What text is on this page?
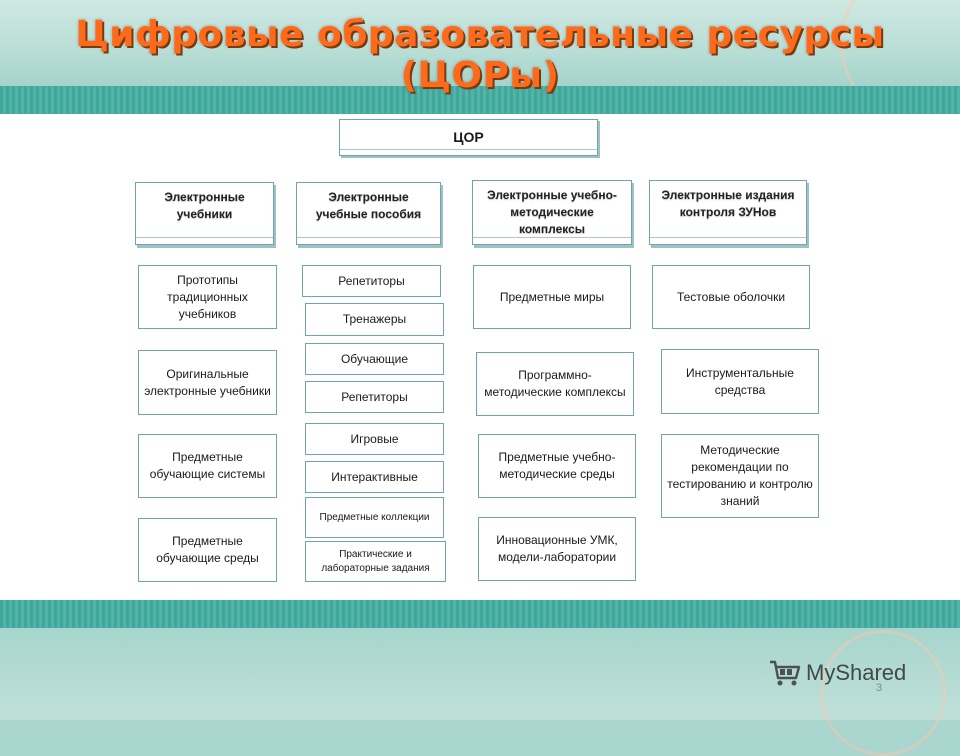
Цифровые образовательные ресурсы (ЦОРы)
ЦОР
Электронные учебники
Электронные учебные пособия
Электронные учебно-методические комплексы
Электронные издания контроля ЗУНов
Прототипы традиционных учебников
Оригинальные электронные учебники
Предметные обучающие системы
Предметные обучающие среды
Репетиторы
Тренажеры
Обучающие
Репетиторы
Игровые
Интерактивные
Предметные коллекции
Практические и лабораторные задания
Предметные миры
Программно-методические комплексы
Предметные учебно-методические среды
Инновационные УМК, модели-лаборатории
Тестовые оболочки
Инструментальные средства
Методические рекомендации по тестированию и контролю знаний
MyShared
3
